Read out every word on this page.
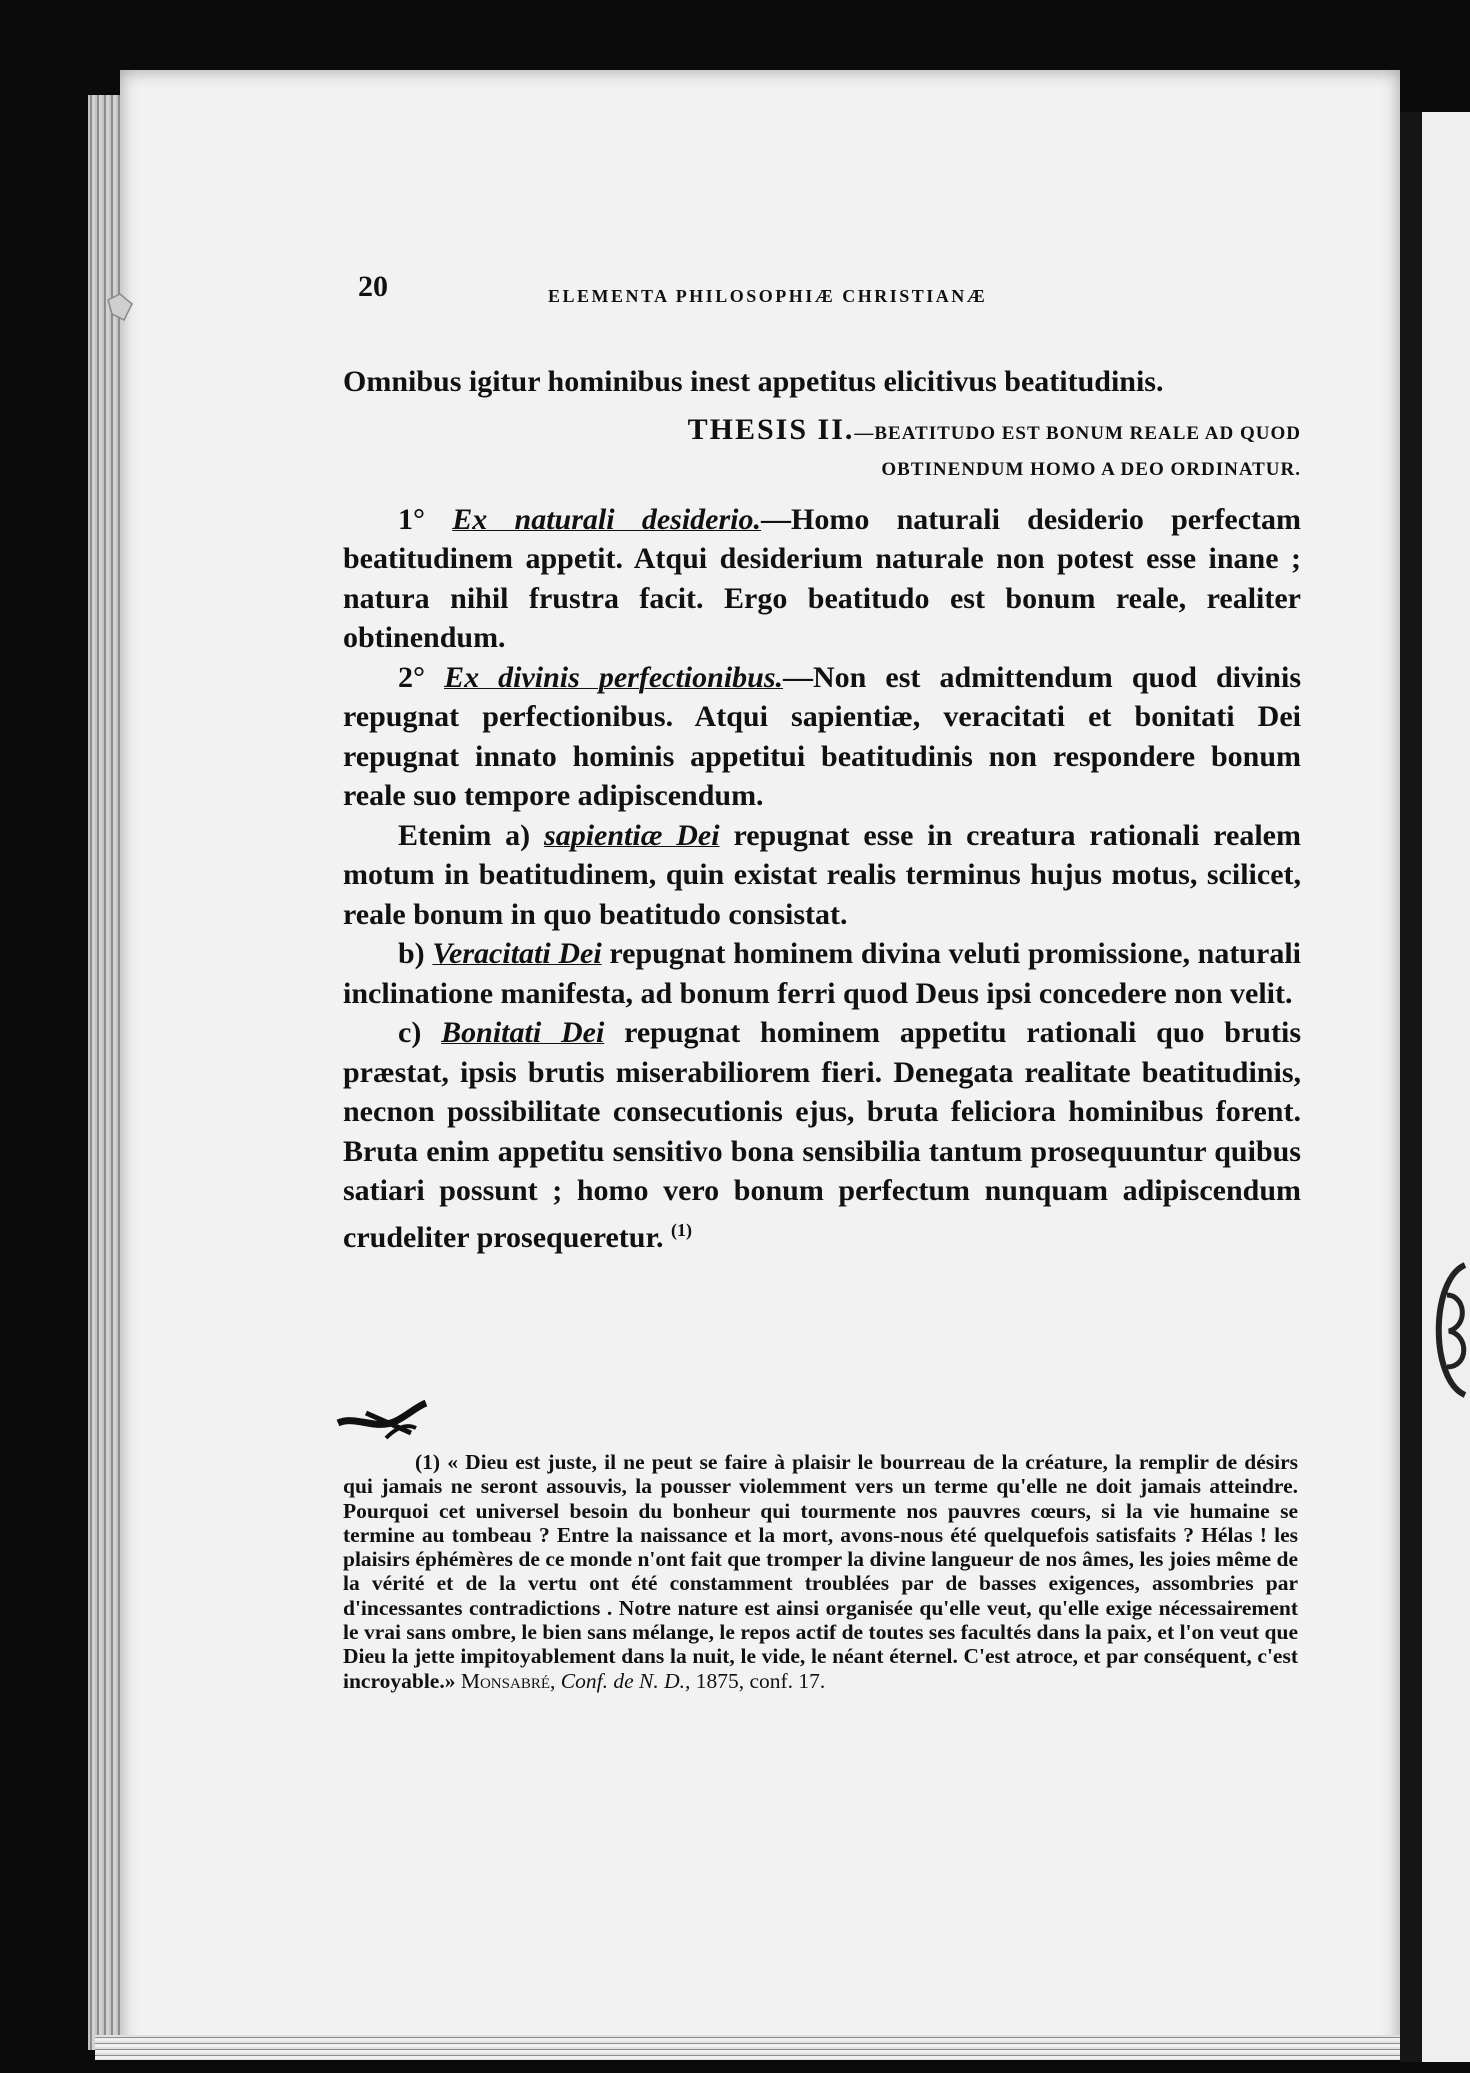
20	ELEMENTA PHILOSOPHIÆ CHRISTIANÆ

Omnibus igitur hominibus inest appetitus elicitivus beatitudinis.

THESIS II.—BEATITUDO EST BONUM REALE AD QUOD
OBTINENDUM HOMO A DEO ORDINATUR.

1° Ex naturali desiderio.—Homo naturali desiderio perfectam beatitudinem appetit. Atqui desiderium naturale non potest esse inane ; natura nihil frustra facit. Ergo beatitudo est bonum reale, realiter obtinendum.

2° Ex divinis perfectionibus.—Non est admittendum quod divinis repugnat perfectionibus. Atqui sapientiæ, veracitati et bonitati Dei repugnat innato hominis appetitui beatitudinis non respondere bonum reale suo tempore adipiscendum.

Etenim a) sapientiæ Dei repugnat esse in creatura rationali realem motum in beatitudinem, quin existat realis terminus hujus motus, scilicet, reale bonum in quo beatitudo consistat.

b) Veracitati Dei repugnat hominem divina veluti promissione, naturali inclinatione manifesta, ad bonum ferri quod Deus ipsi concedere non velit.

c) Bonitati Dei repugnat hominem appetitu rationali quo brutis præstat, ipsis brutis miserabiliorem fieri. Denegata realitate beatitudinis, necnon possibilitate consecutionis ejus, bruta feliciora hominibus forent. Bruta enim appetitu sensitivo bona sensibilia tantum prosequuntur quibus satiari possunt ; homo vero bonum perfectum nunquam adipiscendum crudeliter prosequeretur. $^{(1)}$

(1) « Dieu est juste, il ne peut se faire à plaisir le bourreau de la créature, la remplir de désirs qui jamais ne seront assouvis, la pousser violemment vers un terme qu'elle ne doit jamais atteindre. Pourquoi cet universel besoin du bonheur qui tourmente nos pauvres cœurs, si la vie humaine se termine au tombeau ? Entre la naissance et la mort, avons-nous été quelquefois satisfaits ? Hélas ! les plaisirs éphémères de ce monde n'ont fait que tromper la divine langueur de nos âmes, les joies même de la vérité et de la vertu ont été constamment troublées par de basses exigences, assombries par d'incessantes contradictions . Notre nature est ainsi organisée qu'elle veut, qu'elle exige nécessairement le vrai sans ombre, le bien sans mélange, le repos actif de toutes ses facultés dans la paix, et l'on veut que Dieu la jette impitoyablement dans la nuit, le vide, le néant éternel. C'est atroce, et par conséquent, c'est incroyable.» Monsabré, Conf. de N. D., 1875, conf. 17.
